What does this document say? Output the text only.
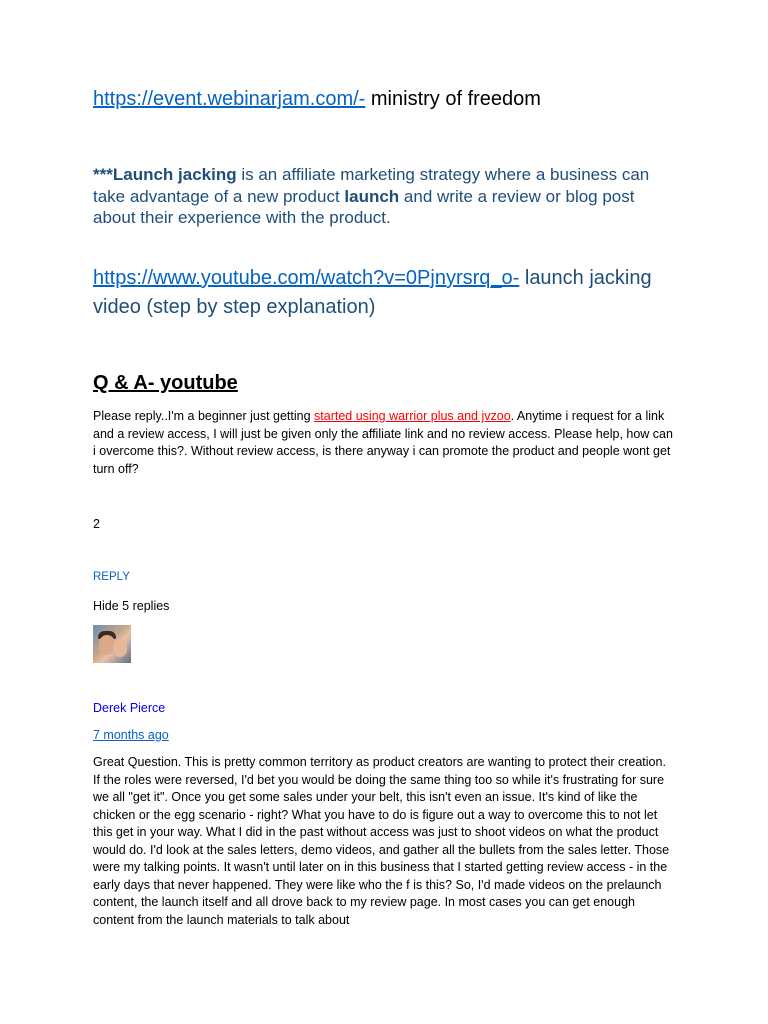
https://event.webinarjam.com/- ministry of freedom
***Launch jacking is an affiliate marketing strategy where a business can take advantage of a new product launch and write a review or blog post about their experience with the product.
https://www.youtube.com/watch?v=0Pjnyrsrq_o- launch jacking video (step by step explanation)
Q & A- youtube
Please reply..I'm a beginner just getting started using warrior plus and jvzoo. Anytime i request for a link and a review access, I will just be given only the affiliate link and no review access. Please help, how can i overcome this?. Without review access, is there anyway i can promote the product and people wont get turn off?
2
REPLY
Hide 5 replies
Derek Pierce
7 months ago
Great Question. This is pretty common territory as product creators are wanting to protect their creation. If the roles were reversed, I'd bet you would be doing the same thing too so while it's frustrating for sure we all "get it". Once you get some sales under your belt, this isn't even an issue. It's kind of like the chicken or the egg scenario - right? What you have to do is figure out a way to overcome this to not let this get in your way. What I did in the past without access was just to shoot videos on what the product would do. I'd look at the sales letters, demo videos, and gather all the bullets from the sales letter. Those were my talking points. It wasn't until later on in this business that I started getting review access - in the early days that never happened. They were like who the f is this? So, I'd made videos on the prelaunch content, the launch itself and all drove back to my review page. In most cases you can get enough content from the launch materials to talk about
